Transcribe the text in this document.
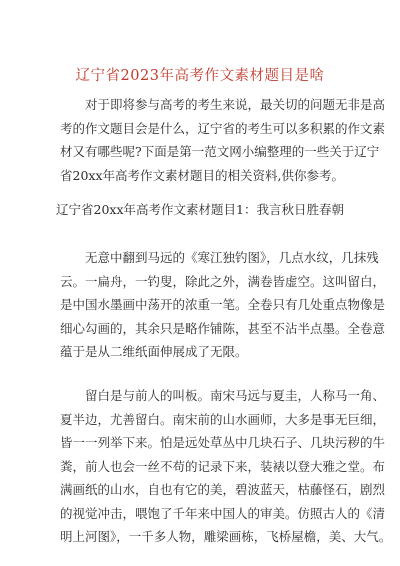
辽宁省2023年高考作文素材题目是啥
对于即将参与高考的考生来说，最关切的问题无非是高
考的作文题目会是什么，辽宁省的考生可以多积累的作文素
材又有哪些呢?下面是第一范文网小编整理的一些关于辽宁
省20xx年高考作文素材题目的相关资料,供你参考。
辽宁省20xx年高考作文素材题目1：我言秋日胜春朝
无意中翻到马远的《寒江独钓图》，几点水纹，几抹残
云。一扁舟，一钓叟，除此之外，满卷皆虚空。这叫留白，
是中国水墨画中荡开的浓重一笔。全卷只有几处重点物像是
细心勾画的，其余只是略作铺陈，甚至不沾半点墨。全卷意
蕴于是从二维纸面伸展成了无限。
留白是与前人的叫板。南宋马远与夏圭，人称马一角、
夏半边，尤善留白。南宋前的山水画师，大多是事无巨细，
皆一一列举下来。怕是远处草丛中几块石子、几块污秽的牛
粪，前人也会一丝不苟的记录下来，装裱以登大雅之堂。布
满画纸的山水，自也有它的美，碧波蓝天，枯藤怪石，剧烈
的视觉冲击，喂饱了千年来中国人的审美。仿照古人的《清
明上河图》，一千多人物，雕梁画栋，飞桥屋檐，美、大气。
